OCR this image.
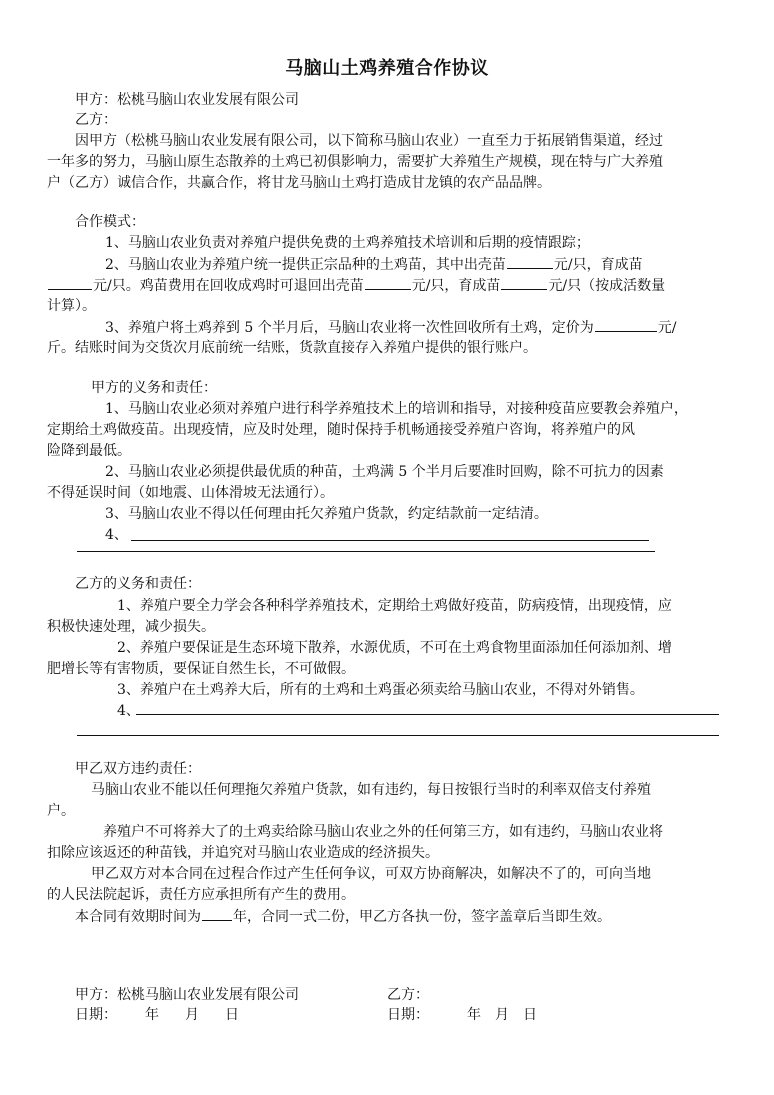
马脑山土鸡养殖合作协议
甲方：松桃马脑山农业发展有限公司
乙方：
因甲方（松桃马脑山农业发展有限公司，以下简称马脑山农业）一直至力于拓展销售渠道，经过
一年多的努力，马脑山原生态散养的土鸡已初俱影响力，需要扩大养殖生产规模，现在特与广大养殖
户（乙方）诚信合作，共赢合作，将甘龙马脑山土鸡打造成甘龙镇的农产品品牌。
合作模式：
1、马脑山农业负责对养殖户提供免费的土鸡养殖技术培训和后期的疫情跟踪；
2、马脑山农业为养殖户统一提供正宗品种的土鸡苗，其中出壳苗	元/只，育成苗
元/只。鸡苗费用在回收成鸡时可退回出壳苗	元/只，育成苗	元/只（按成活数量
计算）。
3、养殖户将土鸡养到 5 个半月后，马脑山农业将一次性回收所有土鸡，定价为	元/
斤。结账时间为交货次月底前统一结账，货款直接存入养殖户提供的银行账户。
甲方的义务和责任：
1、马脑山农业必须对养殖户进行科学养殖技术上的培训和指导，对接种疫苗应要教会养殖户，
定期给土鸡做疫苗。出现疫情，应及时处理，随时保持手机畅通接受养殖户咨询，将养殖户的风
险降到最低。
2、马脑山农业必须提供最优质的种苗，土鸡满 5 个半月后要准时回购，除不可抗力的因素
不得延误时间（如地震、山体滑坡无法通行）。
3、马脑山农业不得以任何理由托欠养殖户货款，约定结款前一定结清。
4、
乙方的义务和责任：
1、养殖户要全力学会各种科学养殖技术，定期给土鸡做好疫苗，防病疫情，出现疫情，应
积极快速处理，减少损失。
2、养殖户要保证是生态环境下散养，水源优质，不可在土鸡食物里面添加任何添加剂、增
肥增长等有害物质，要保证自然生长，不可做假。
3、养殖户在土鸡养大后，所有的土鸡和土鸡蛋必须卖给马脑山农业，不得对外销售。
4、
甲乙双方违约责任：
马脑山农业不能以任何理拖欠养殖户货款，如有违约，每日按银行当时的利率双倍支付养殖
户。
养殖户不可将养大了的土鸡卖给除马脑山农业之外的任何第三方，如有违约，马脑山农业将
扣除应该返还的种苗钱，并追究对马脑山农业造成的经济损失。
甲乙双方对本合同在过程合作过产生任何争议，可双方协商解决，如解决不了的，可向当地
的人民法院起诉，责任方应承担所有产生的费用。
本合同有效期时间为 年，合同一式二份，甲乙方各执一份，签字盖章后当即生效。
甲方：松桃马脑山农业发展有限公司	乙方：
日期： 年 月 日	日期：	年 月 日
